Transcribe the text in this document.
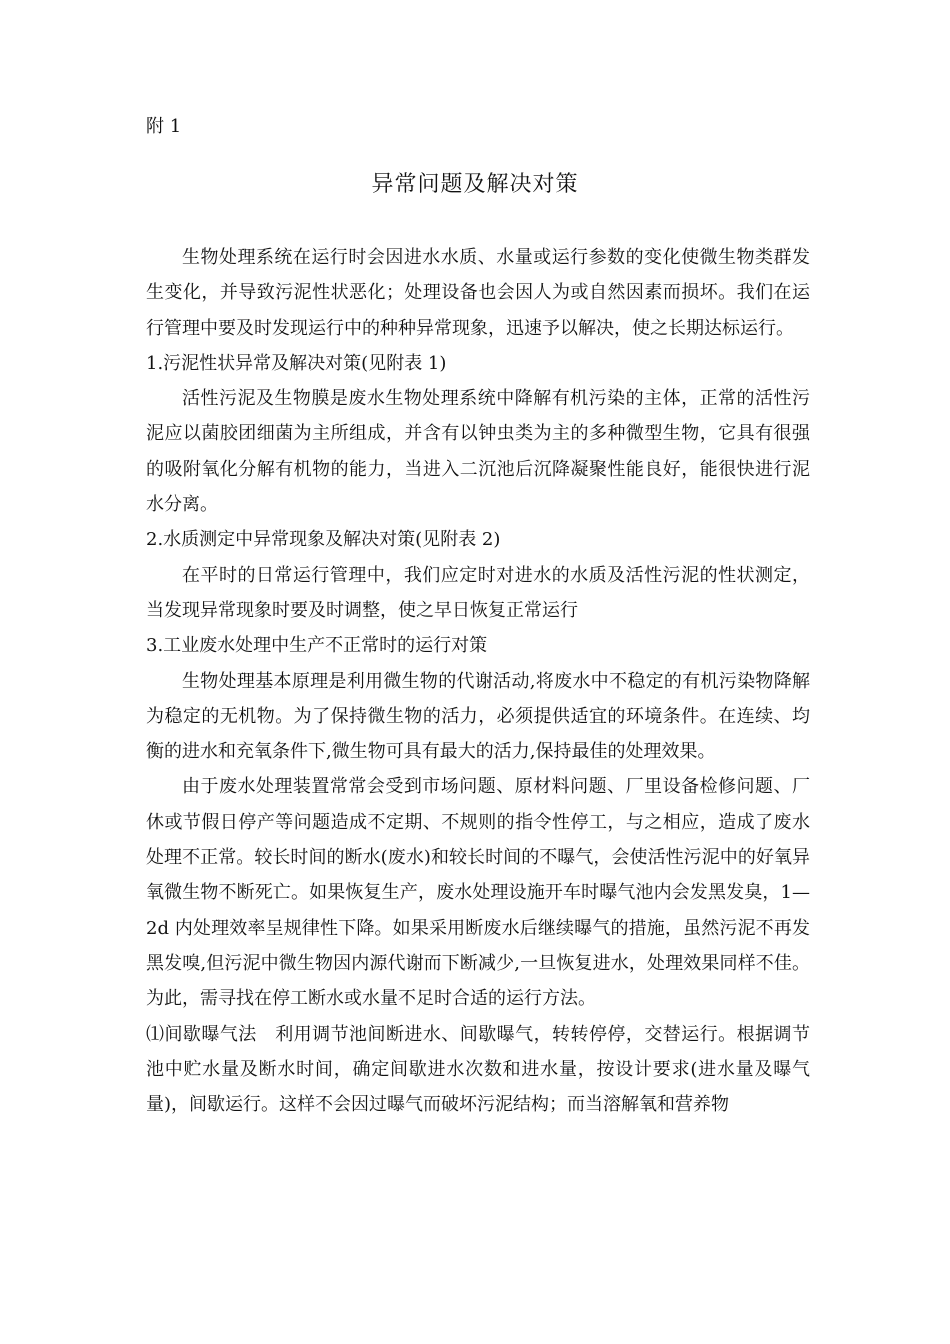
附 1
异常问题及解决对策

生物处理系统在运行时会因进水水质、水量或运行参数的变化使微生物类群发生变化，并导致污泥性状恶化；处理设备也会因人为或自然因素而损坏。我们在运行管理中要及时发现运行中的种种异常现象，迅速予以解决，使之长期达标运行。

1.污泥性状异常及解决对策(见附表 1)

活性污泥及生物膜是废水生物处理系统中降解有机污染的主体，正常的活性污泥应以菌胶团细菌为主所组成，并含有以钟虫类为主的多种微型生物，它具有很强的吸附氧化分解有机物的能力，当进入二沉池后沉降凝聚性能良好，能很快进行泥水分离。

2.水质测定中异常现象及解决对策(见附表 2)

在平时的日常运行管理中，我们应定时对进水的水质及活性污泥的性状测定，当发现异常现象时要及时调整，使之早日恢复正常运行

3.工业废水处理中生产不正常时的运行对策

生物处理基本原理是利用微生物的代谢活动,将废水中不稳定的有机污染物降解为稳定的无机物。为了保持微生物的活力，必须提供适宜的环境条件。在连续、均衡的进水和充氧条件下,微生物可具有最大的活力,保持最佳的处理效果。

由于废水处理装置常常会受到市场问题、原材料问题、厂里设备检修问题、厂休或节假日停产等问题造成不定期、不规则的指令性停工，与之相应，造成了废水处理不正常。较长时间的断水(废水)和较长时间的不曝气，会使活性污泥中的好氧异氧微生物不断死亡。如果恢复生产，废水处理设施开车时曝气池内会发黑发臭，1—2d 内处理效率呈规律性下降。如果采用断废水后继续曝气的措施，虽然污泥不再发黑发嗅,但污泥中微生物因内源代谢而下断减少,一旦恢复进水，处理效果同样不佳。为此，需寻找在停工断水或水量不足时合适的运行方法。

⑴间歇曝气法　利用调节池间断进水、间歇曝气，转转停停，交替运行。根据调节池中贮水量及断水时间，确定间歇进水次数和进水量，按设计要求(进水量及曝气量)，间歇运行。这样不会因过曝气而破坏污泥结构；而当溶解氧和营养物
